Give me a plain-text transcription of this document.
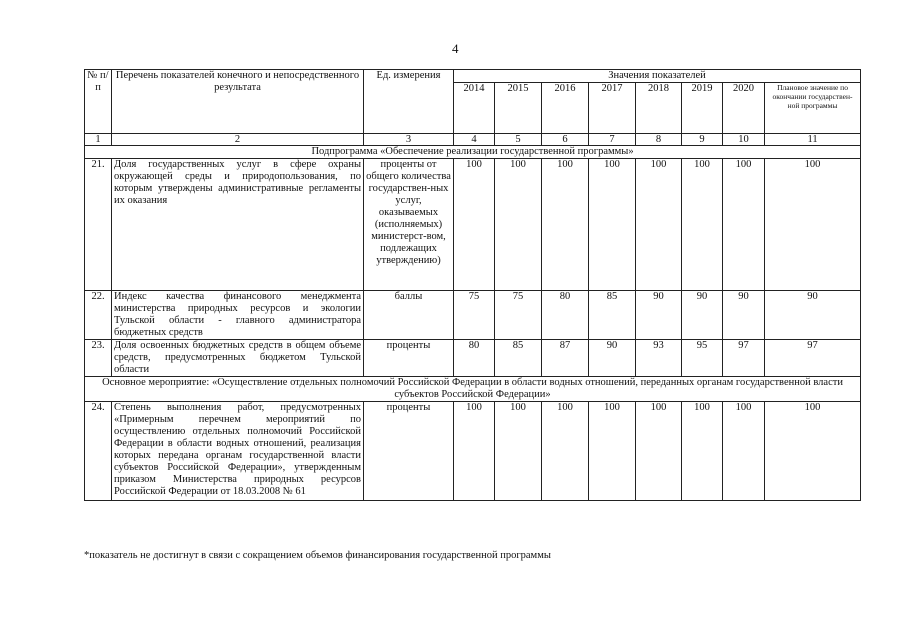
4
№ п/п	Перечень показателей конечного и непосредственного результата	Ед. измерения	Значения показателей							
			2014	2015	2016	2017	2018	2019	2020	Плановое значение по окончании государствен-ной программы
1	2	3	4	5	6	7	8	9	10	11
Подпрограмма «Обеспечение реализации государственной программы»										
21.	Доля государственных услуг в сфере охраны окружающей среды и природопользования, по которым утверждены административные регламенты их оказания	проценты от общего количества государствен-ных услуг, оказываемых (исполняемых) министерст-вом, подлежащих утверждению)	100	100	100	100	100	100	100	100
22.	Индекс качества финансового менеджмента министерства природных ресурсов и экологии Тульской области - главного администратора бюджетных средств	баллы	75	75	80	85	90	90	90	90
23.	Доля освоенных бюджетных средств в общем объеме средств, предусмотренных бюджетом Тульской области	проценты	80	85	87	90	93	95	97	97
Основное мероприятие: «Осуществление отдельных полномочий Российской Федерации в области водных отношений, переданных органам государственной власти субъектов Российской Федерации»										
24.	Степень выполнения работ, предусмотренных «Примерным перечнем мероприятий по осуществлению отдельных полномочий Российской Федерации в области водных отношений, реализация которых передана органам государственной власти субъектов Российской Федерации», утвержденным приказом Министерства природных ресурсов Российской Федерации от 18.03.2008 № 61	проценты	100	100	100	100	100	100	100	100
*показатель не достигнут в связи с сокращением объемов финансирования государственной программы
